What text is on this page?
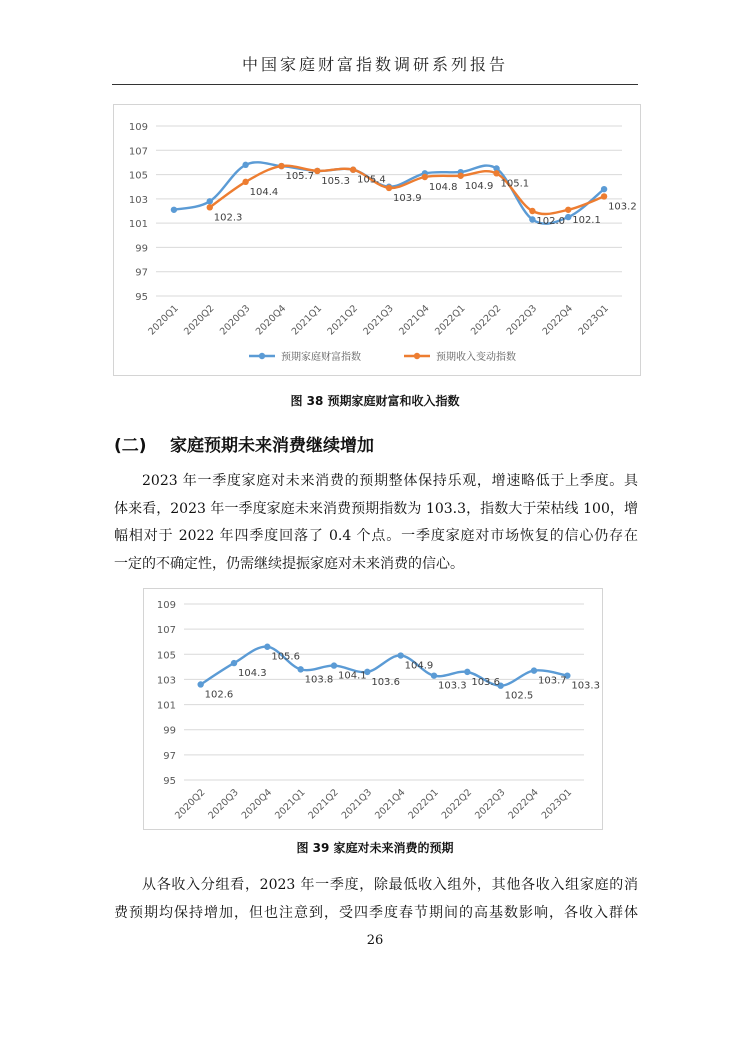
中国家庭财富指数调研系列报告
95
97
99
101
103
105
107
109
2020Q1 2020Q2 2020Q3 2020Q4 2021Q1 2021Q2 2021Q3 2021Q4 2022Q1 2022Q2 2022Q3 2022Q4 2023Q1
102.3
104.4
105.7 105.3 105.4
103.9
104.8 104.9 105.1
102.0 102.1
103.2
预期家庭财富指数	预期收入变动指数
图 38 预期家庭财富和收入指数
(二) 家庭预期未来消费继续增加
2023 年一季度家庭对未来消费的预期整体保持乐观，增速略低于上季度。具
体来看，2023 年一季度家庭未来消费预期指数为 103.3，指数大于荣枯线 100，增
幅相对于 2022 年四季度回落了 0.4 个点。一季度家庭对市场恢复的信心仍存在
一定的不确定性，仍需继续提振家庭对未来消费的信心。
95
97
99
101
103
105
107
109
2020Q2
2020Q3
2020Q4
2021Q1
2021Q2
2021Q3
2021Q4
2022Q1
2022Q2
2022Q3
2022Q4
2023Q1
102.6
104.3
105.6
103.8 104.1
103.6
104.9
103.3 103.6
102.5
103.7 103.3
图 39 家庭对未来消费的预期
从各收入分组看，2023 年一季度，除最低收入组外，其他各收入组家庭的消
费预期均保持增加，但也注意到，受四季度春节期间的高基数影响，各收入群体
26
